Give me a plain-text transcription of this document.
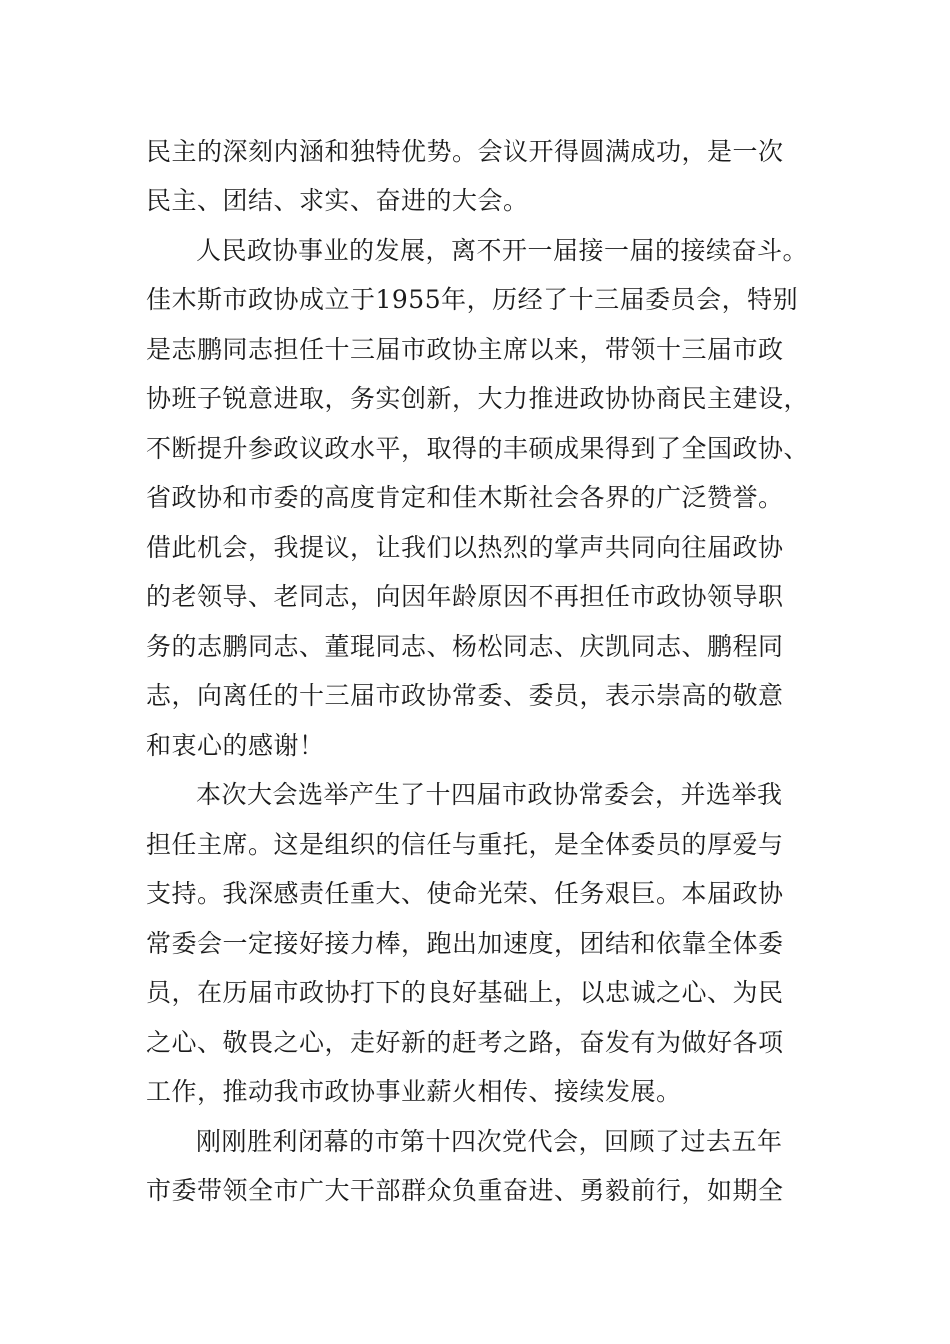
民主的深刻内涵和独特优势。会议开得圆满成功，是一次
民主、团结、求实、奋进的大会。
人民政协事业的发展，离不开一届接一届的接续奋斗。
佳木斯市政协成立于1955年，历经了十三届委员会，特别
是志鹏同志担任十三届市政协主席以来，带领十三届市政
协班子锐意进取，务实创新，大力推进政协协商民主建设，
不断提升参政议政水平，取得的丰硕成果得到了全国政协、
省政协和市委的高度肯定和佳木斯社会各界的广泛赞誉。
借此机会，我提议，让我们以热烈的掌声共同向往届政协
的老领导、老同志，向因年龄原因不再担任市政协领导职
务的志鹏同志、董琨同志、杨松同志、庆凯同志、鹏程同
志，向离任的十三届市政协常委、委员，表示崇高的敬意
和衷心的感谢！
本次大会选举产生了十四届市政协常委会，并选举我
担任主席。这是组织的信任与重托，是全体委员的厚爱与
支持。我深感责任重大、使命光荣、任务艰巨。本届政协
常委会一定接好接力棒，跑出加速度，团结和依靠全体委
员，在历届市政协打下的良好基础上，以忠诚之心、为民
之心、敬畏之心，走好新的赶考之路，奋发有为做好各项
工作，推动我市政协事业薪火相传、接续发展。
刚刚胜利闭幕的市第十四次党代会，回顾了过去五年
市委带领全市广大干部群众负重奋进、勇毅前行，如期全
